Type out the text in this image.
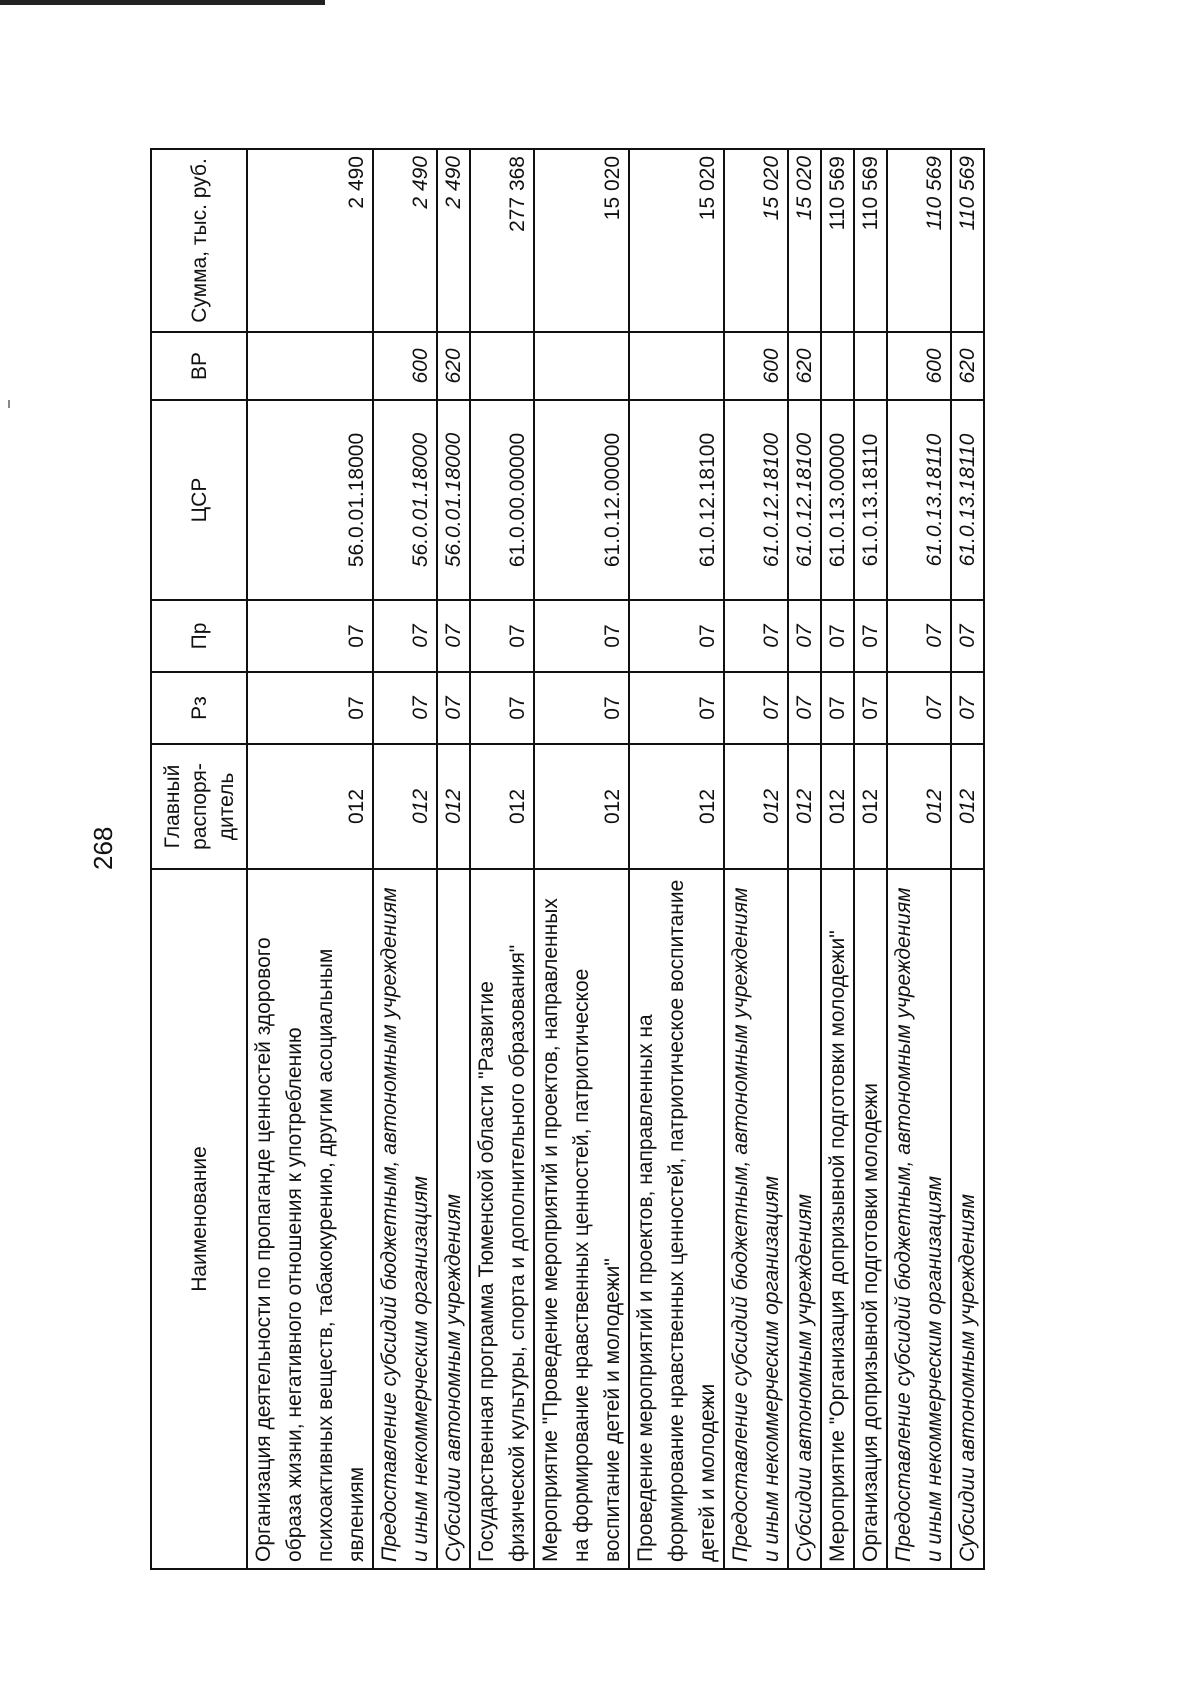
268
Наименование	Главный распоря-дитель	Рз	Пр	ЦСР	ВР	Сумма, тыс. руб.
Организация деятельности по пропаганде ценностей здорового образа жизни, негативного отношения к употреблению психоактивных веществ, табакокурению, другим асоциальным явлениям	012	07	07	56.0.01.18000		2 490
Предоставление субсидий бюджетным, автономным учреждениям и иным некоммерческим организациям	012	07	07	56.0.01.18000	600	2 490
Субсидии автономным учреждениям	012	07	07	56.0.01.18000	620	2 490
Государственная программа Тюменской области "Развитие физической культуры, спорта и дополнительного образования"	012	07	07	61.0.00.00000		277 368
Мероприятие "Проведение мероприятий и проектов, направленных на формирование нравственных ценностей, патриотическое воспитание детей и молодежи"	012	07	07	61.0.12.00000		15 020
Проведение мероприятий и проектов, направленных на формирование нравственных ценностей, патриотическое воспитание детей и молодежи	012	07	07	61.0.12.18100		15 020
Предоставление субсидий бюджетным, автономным учреждениям и иным некоммерческим организациям	012	07	07	61.0.12.18100	600	15 020
Субсидии автономным учреждениям	012	07	07	61.0.12.18100	620	15 020
Мероприятие "Организация допризывной подготовки молодежи"	012	07	07	61.0.13.00000		110 569
Организация допризывной подготовки молодежи	012	07	07	61.0.13.18110		110 569
Предоставление субсидий бюджетным, автономным учреждениям и иным некоммерческим организациям	012	07	07	61.0.13.18110	600	110 569
Субсидии автономным учреждениям	012	07	07	61.0.13.18110	620	110 569
